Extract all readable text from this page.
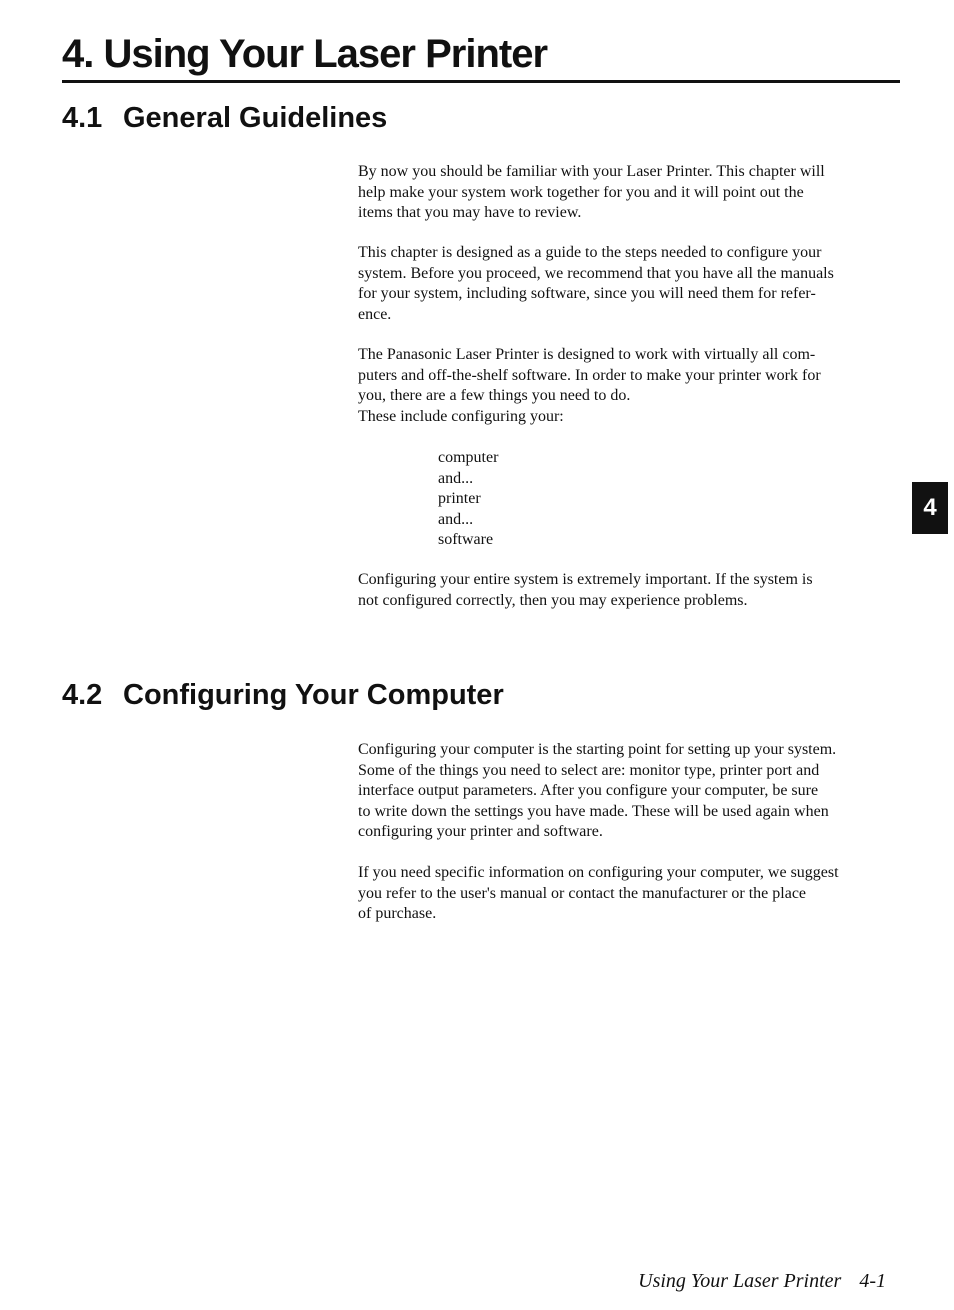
4. Using Your Laser Printer
4.1 General Guidelines

By now you should be familiar with your Laser Printer. This chapter will
help make your system work together for you and it will point out the
items that you may have to review.

This chapter is designed as a guide to the steps needed to configure your
system. Before you proceed, we recommend that you have all the manuals
for your system, including software, since you will need them for refer-
ence.

The Panasonic Laser Printer is designed to work with virtually all com-
puters and off-the-shelf software. In order to make your printer work for
you, there are a few things you need to do.
These include configuring your:

computer
and...
printer
and...
software
4

Configuring your entire system is extremely important. If the system is
not configured correctly, then you may experience problems.

4.2 Configuring Your Computer

Configuring your computer is the starting point for setting up your system.
Some of the things you need to select are: monitor type, printer port and
interface output parameters. After you configure your computer, be sure
to write down the settings you have made. These will be used again when
configuring your printer and software.

If you need specific information on configuring your computer, we suggest
you refer to the user's manual or contact the manufacturer or the place
of purchase.

Using Your Laser Printer 4-1
